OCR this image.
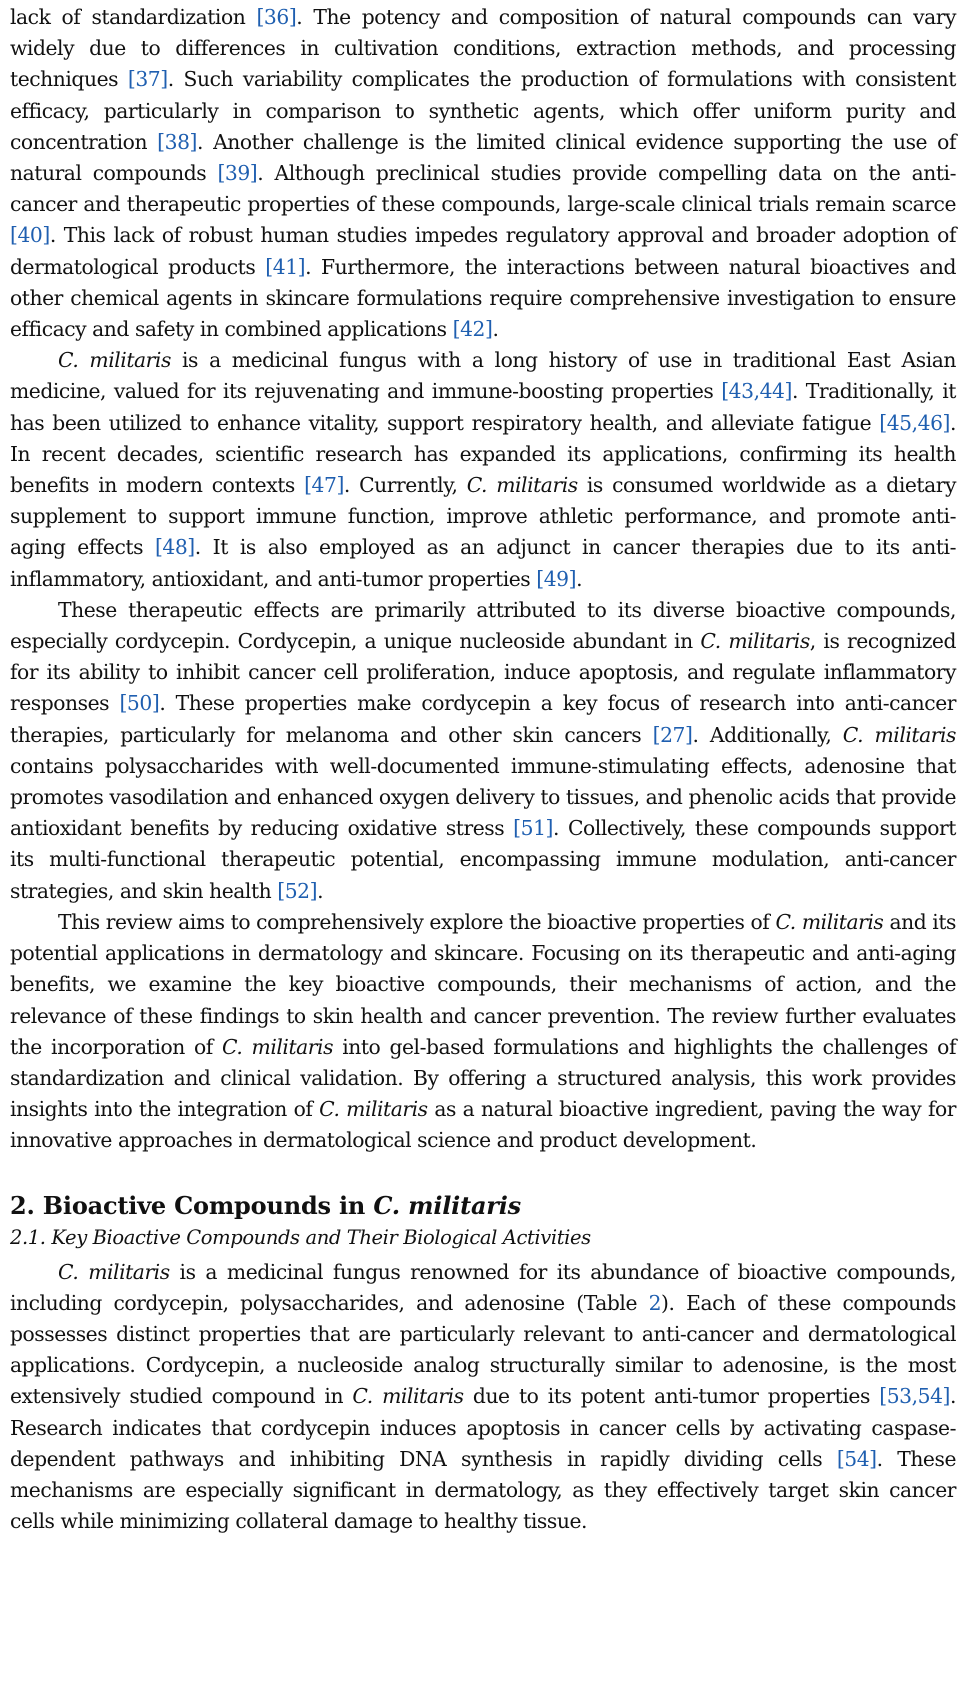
lack of standardization [36]. The potency and composition of natural compounds can vary widely due to differences in cultivation conditions, extraction methods, and processing techniques [37]. Such variability complicates the production of formulations with consistent efficacy, particularly in comparison to synthetic agents, which offer uniform purity and concentration [38]. Another challenge is the limited clinical evidence supporting the use of natural compounds [39]. Although preclinical studies provide compelling data on the anti-cancer and therapeutic properties of these compounds, large-scale clinical trials remain scarce [40]. This lack of robust human studies impedes regulatory approval and broader adoption of dermatological products [41]. Furthermore, the interactions between natural bioactives and other chemical agents in skincare formulations require comprehensive investigation to ensure efficacy and safety in combined applications [42].

C. militaris is a medicinal fungus with a long history of use in traditional East Asian medicine, valued for its rejuvenating and immune-boosting properties [43,44]. Traditionally, it has been utilized to enhance vitality, support respiratory health, and alleviate fatigue [45,46]. In recent decades, scientific research has expanded its applications, confirming its health benefits in modern contexts [47]. Currently, C. militaris is consumed worldwide as a dietary supplement to support immune function, improve athletic performance, and promote anti-aging effects [48]. It is also employed as an adjunct in cancer therapies due to its anti-inflammatory, antioxidant, and anti-tumor properties [49].

These therapeutic effects are primarily attributed to its diverse bioactive compounds, especially cordycepin. Cordycepin, a unique nucleoside abundant in C. militaris, is recognized for its ability to inhibit cancer cell proliferation, induce apoptosis, and regulate inflammatory responses [50]. These properties make cordycepin a key focus of research into anti-cancer therapies, particularly for melanoma and other skin cancers [27]. Additionally, C. militaris contains polysaccharides with well-documented immune-stimulating effects, adenosine that promotes vasodilation and enhanced oxygen delivery to tissues, and phenolic acids that provide antioxidant benefits by reducing oxidative stress [51]. Collectively, these compounds support its multi-functional therapeutic potential, encompassing immune modulation, anti-cancer strategies, and skin health [52].

This review aims to comprehensively explore the bioactive properties of C. militaris and its potential applications in dermatology and skincare. Focusing on its therapeutic and anti-aging benefits, we examine the key bioactive compounds, their mechanisms of action, and the relevance of these findings to skin health and cancer prevention. The review further evaluates the incorporation of C. militaris into gel-based formulations and highlights the challenges of standardization and clinical validation. By offering a structured analysis, this work provides insights into the integration of C. militaris as a natural bioactive ingredient, paving the way for innovative approaches in dermatological science and product development.

2. Bioactive Compounds in C. militaris
2.1. Key Bioactive Compounds and Their Biological Activities

C. militaris is a medicinal fungus renowned for its abundance of bioactive compounds, including cordycepin, polysaccharides, and adenosine (Table 2). Each of these compounds possesses distinct properties that are particularly relevant to anti-cancer and dermatological applications. Cordycepin, a nucleoside analog structurally similar to adenosine, is the most extensively studied compound in C. militaris due to its potent anti-tumor properties [53,54]. Research indicates that cordycepin induces apoptosis in cancer cells by activating caspase-dependent pathways and inhibiting DNA synthesis in rapidly dividing cells [54]. These mechanisms are especially significant in dermatology, as they effectively target skin cancer cells while minimizing collateral damage to healthy tissue.
